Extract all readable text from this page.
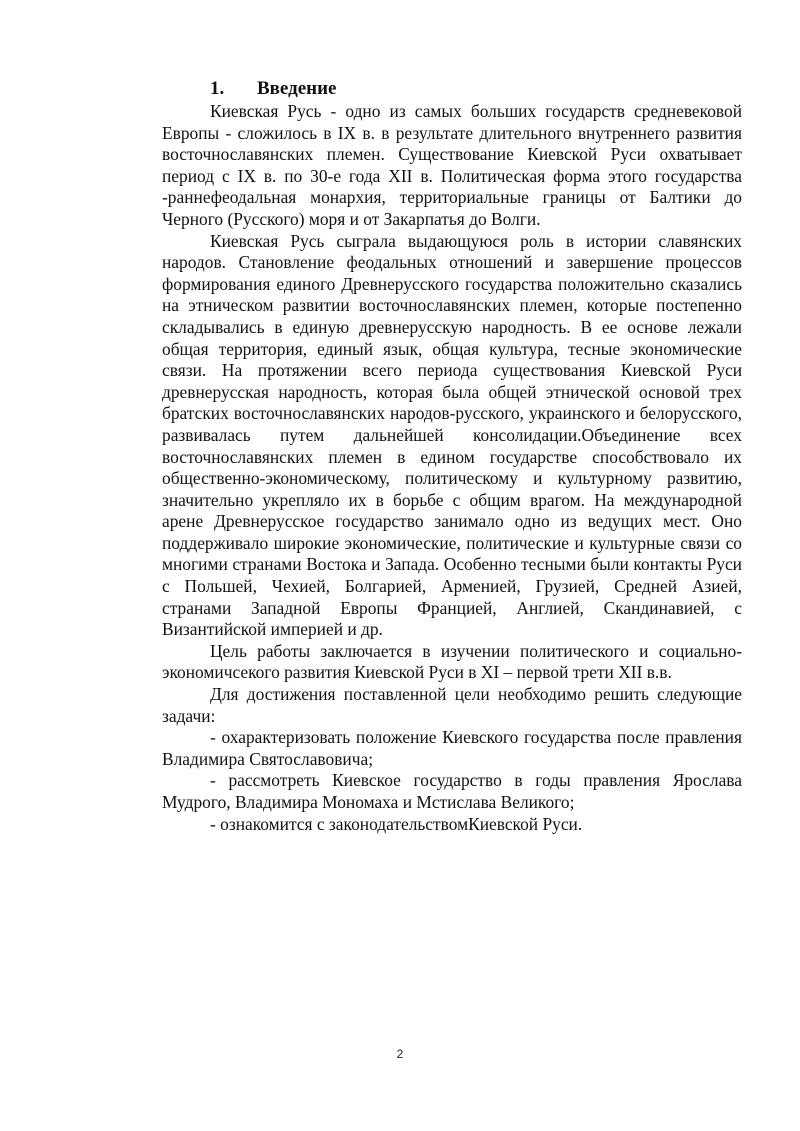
1. Введение

Киевская Русь - одно из самых больших государств средневековой Европы - сложилось в IX в. в результате длительного внутреннего развития восточнославянских племен. Существование Киевской Руси охватывает период с IX в. по 30-е года XII в. Политическая форма этого государства -раннефеодальная монархия, территориальные границы от Балтики до Черного (Русского) моря и от Закарпатья до Волги.

Киевская Русь сыграла выдающуюся роль в истории славянских народов. Становление феодальных отношений и завершение процессов формирования единого Древнерусского государства положительно сказались на этническом развитии восточнославянских племен, которые постепенно складывались в единую древнерусскую народность. В ее основе лежали общая территория, единый язык, общая культура, тесные экономические связи. На протяжении всего периода существования Киевской Руси древнерусская народность, которая была общей этнической основой трех братских восточнославянских народов-русского, украинского и белорусского, развивалась путем дальнейшей консолидации.Объединение всех восточнославянских племен в едином государстве способствовало их общественно-экономическому, политическому и культурному развитию, значительно укрепляло их в борьбе с общим врагом. На международной арене Древнерусское государство занимало одно из ведущих мест. Оно поддерживало широкие экономические, политические и культурные связи со многими странами Востока и Запада. Особенно тесными были контакты Руси с Польшей, Чехией, Болгарией, Арменией, Грузией, Средней Азией, странами Западной Европы Францией, Англией, Скандинавией, с Византийской империей и др.

Цель работы заключается в изучении политического и социально-экономичсекого развития Киевской Руси в XI – первой трети XII в.в.

Для достижения поставленной цели необходимо решить следующие задачи:

- охарактеризовать положение Киевского государства после правления Владимира Святославовича;

- рассмотреть Киевское государство в годы правления Ярослава Мудрого, Владимира Мономаха и Мстислава Великого;

- ознакомится с законодательствомКиевской Руси.

2
